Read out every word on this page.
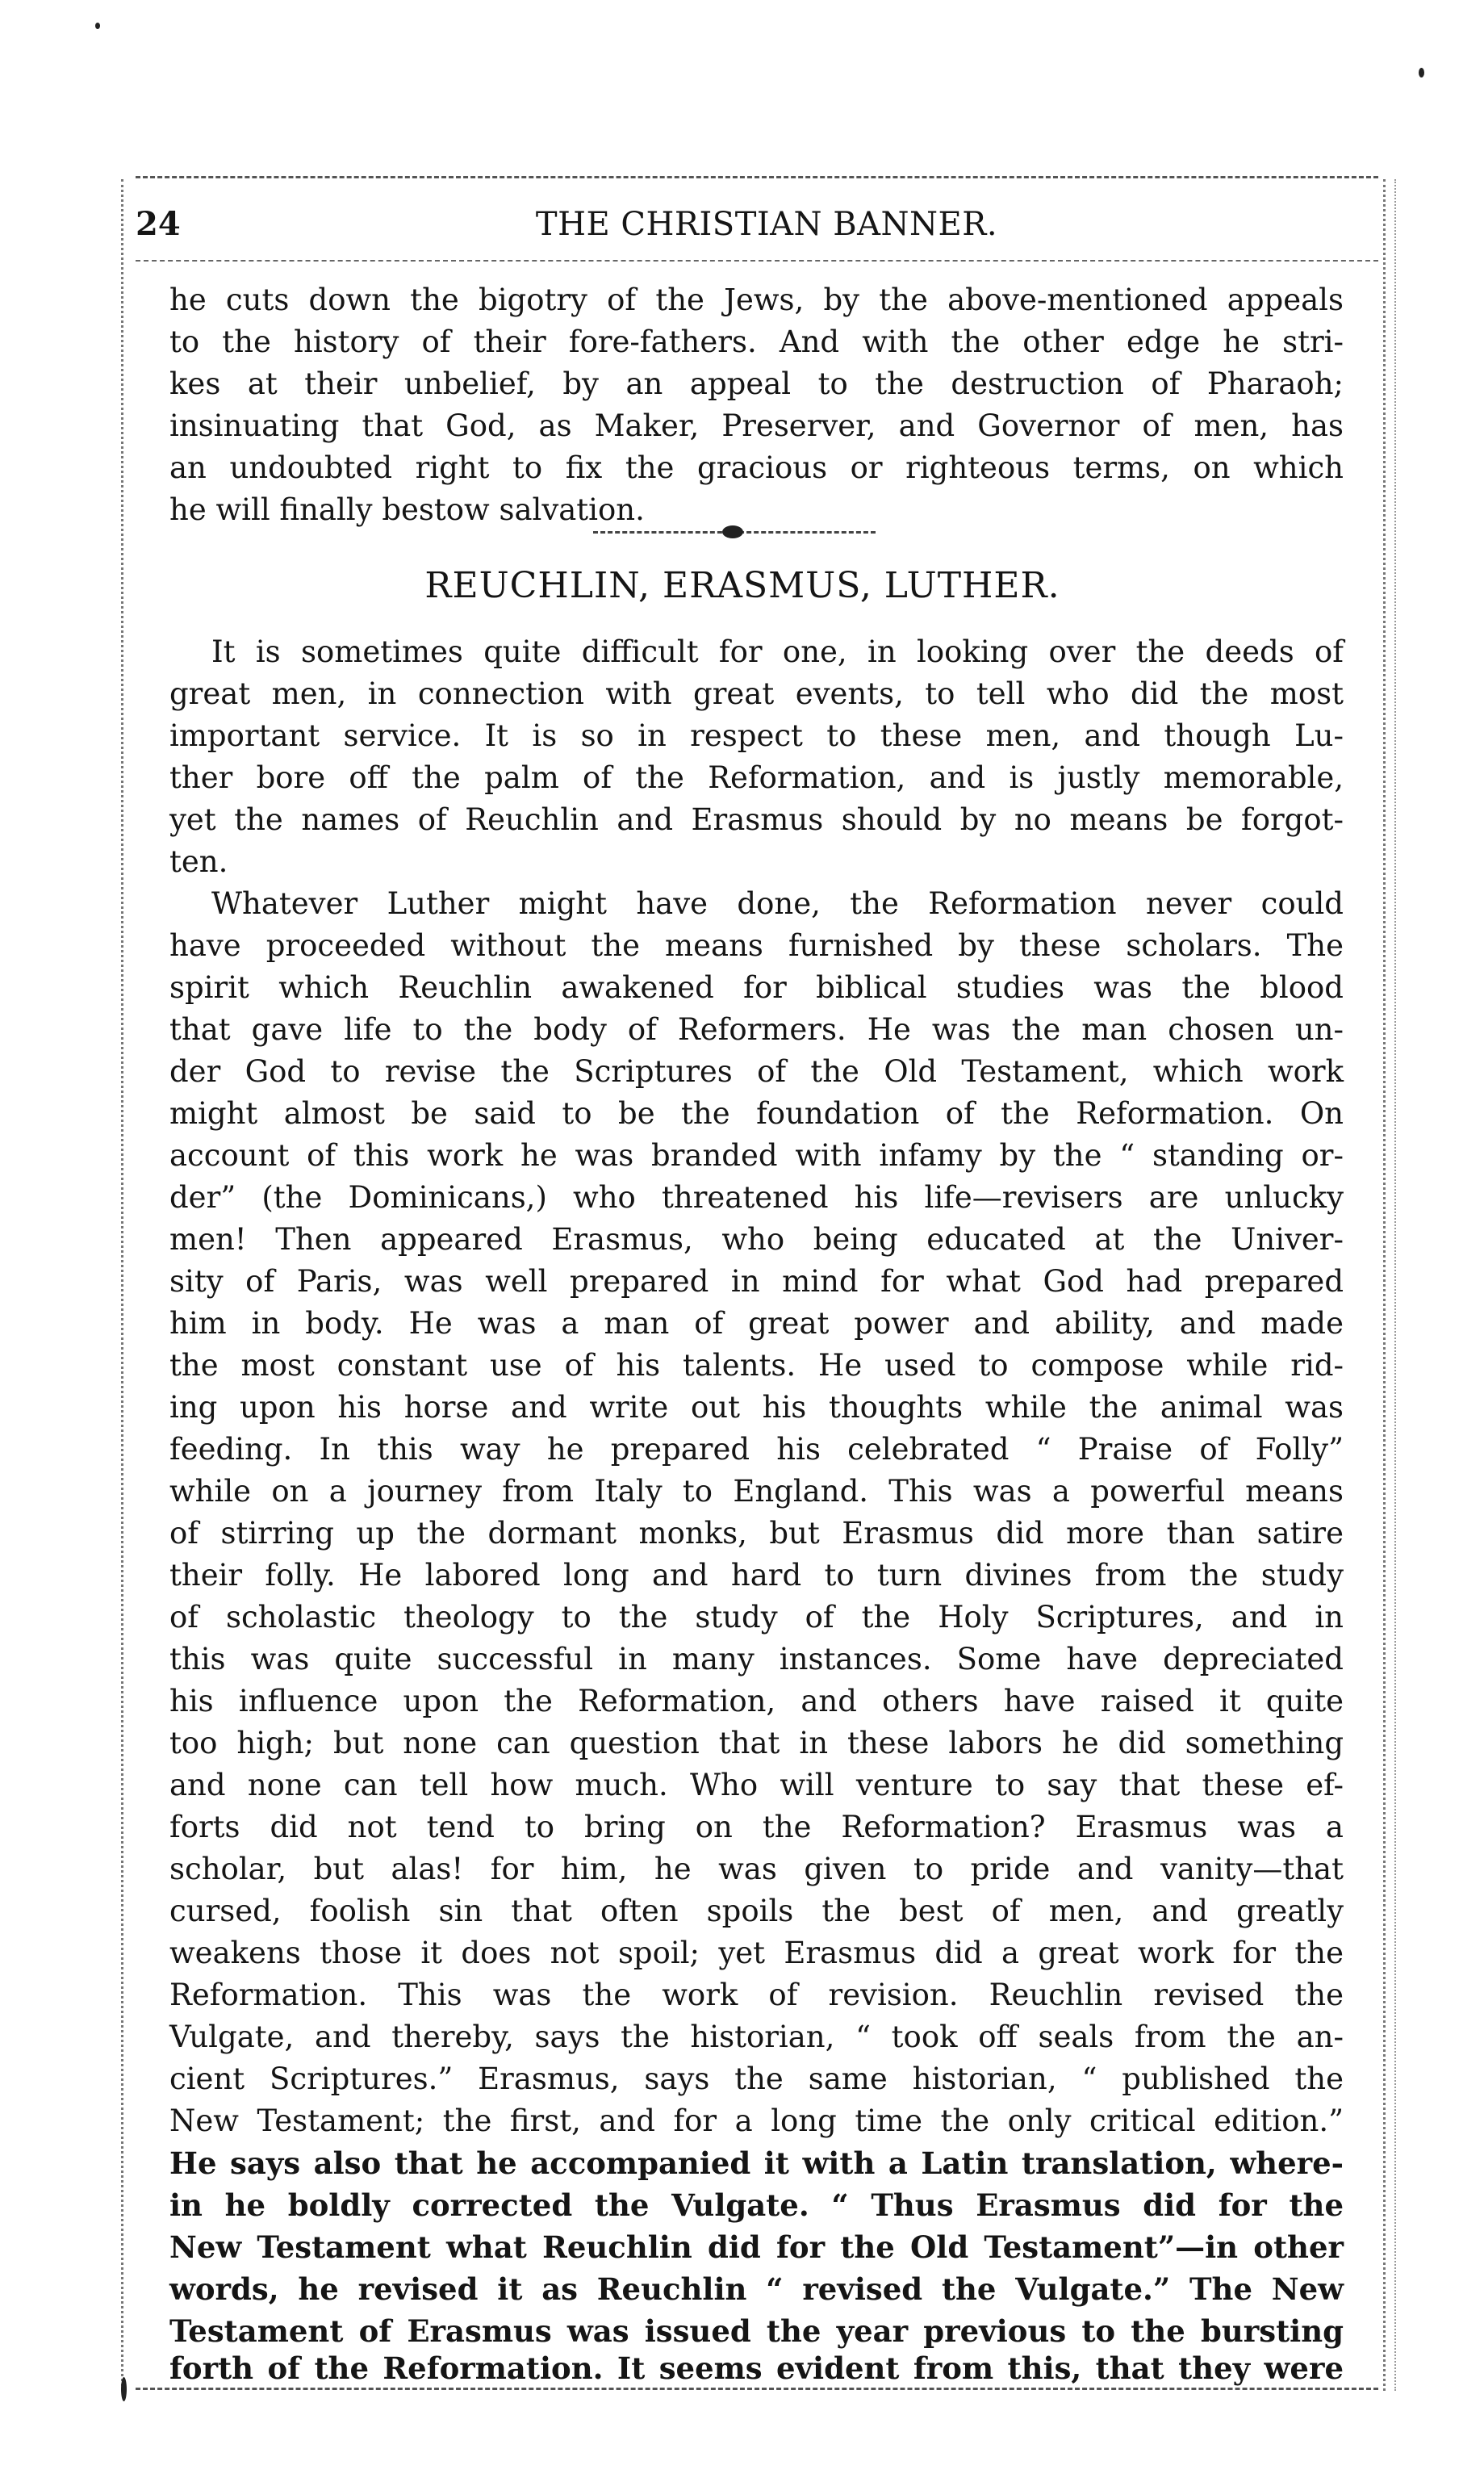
24	THE CHRISTIAN BANNER.
he cuts down the bigotry of the Jews, by the above-mentioned appeals
to the history of their fore-fathers. And with the other edge he stri-
kes at their unbelief, by an appeal to the destruction of Pharaoh;
insinuating that God, as Maker, Preserver, and Governor of men, has
an undoubted right to fix the gracious or righteous terms, on which
he will finally bestow salvation.
REUCHLIN, ERASMUS, LUTHER.
It is sometimes quite difficult for one, in looking over the deeds of
great men, in connection with great events, to tell who did the most
important service. It is so in respect to these men, and though Lu-
ther bore off the palm of the Reformation, and is justly memorable,
yet the names of Reuchlin and Erasmus should by no means be forgot-
ten.
Whatever Luther might have done, the Reformation never could
have proceeded without the means furnished by these scholars. The
spirit which Reuchlin awakened for biblical studies was the blood
that gave life to the body of Reformers. He was the man chosen un-
der God to revise the Scriptures of the Old Testament, which work
might almost be said to be the foundation of the Reformation. On
account of this work he was branded with infamy by the “ standing or-
der” (the Dominicans,) who threatened his life—revisers are unlucky
men! Then appeared Erasmus, who being educated at the Univer-
sity of Paris, was well prepared in mind for what God had prepared
him in body. He was a man of great power and ability, and made
the most constant use of his talents. He used to compose while rid-
ing upon his horse and write out his thoughts while the animal was
feeding. In this way he prepared his celebrated “ Praise of Folly”
while on a journey from Italy to England. This was a powerful means
of stirring up the dormant monks, but Erasmus did more than satire
their folly. He labored long and hard to turn divines from the study
of scholastic theology to the study of the Holy Scriptures, and in
this was quite successful in many instances. Some have depreciated
his influence upon the Reformation, and others have raised it quite
too high; but none can question that in these labors he did something
and none can tell how much. Who will venture to say that these ef-
forts did not tend to bring on the Reformation? Erasmus was a
scholar, but alas! for him, he was given to pride and vanity—that
cursed, foolish sin that often spoils the best of men, and greatly
weakens those it does not spoil; yet Erasmus did a great work for the
Reformation. This was the work of revision. Reuchlin revised the
Vulgate, and thereby, says the historian, “ took off seals from the an-
cient Scriptures.” Erasmus, says the same historian, “ published the
New Testament; the first, and for a long time the only critical edition.”
He says also that he accompanied it with a Latin translation, where-
in he boldly corrected the Vulgate. “ Thus Erasmus did for the
New Testament what Reuchlin did for the Old Testament”—in other
words, he revised it as Reuchlin “ revised the Vulgate.” The New
Testament of Erasmus was issued the year previous to the bursting
forth of the Reformation. It seems evident from this, that they were
